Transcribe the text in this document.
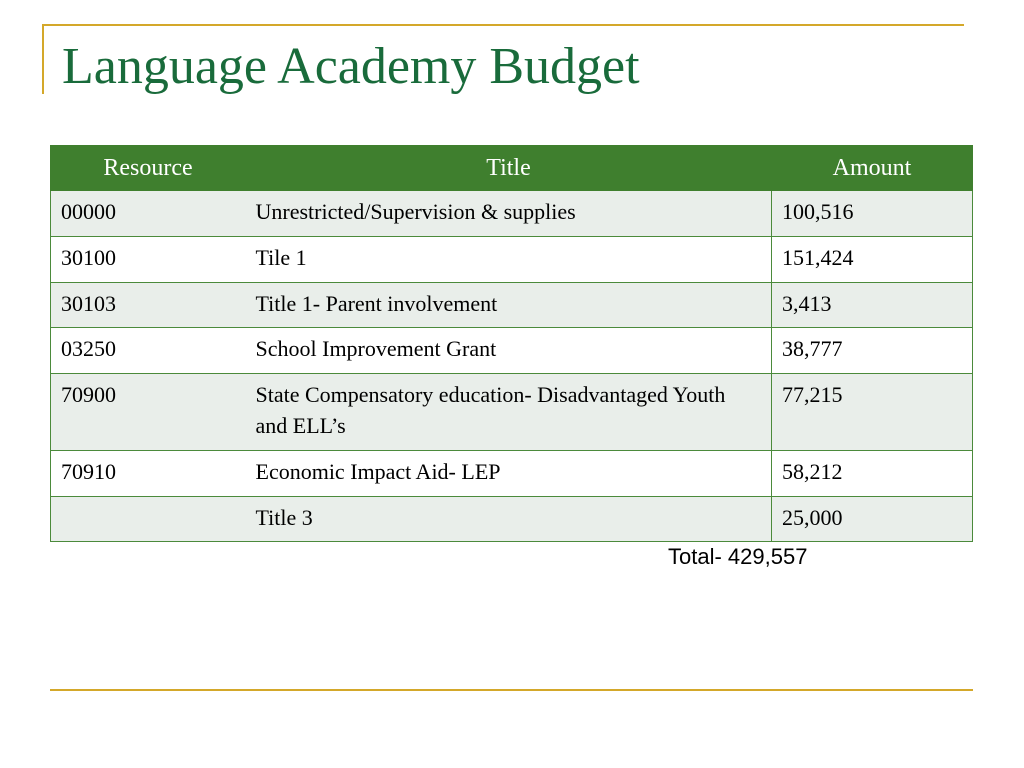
Language Academy Budget
Resource	Title	Amount
00000	Unrestricted/Supervision & supplies	100,516
30100	Tile 1	151,424
30103	Title 1- Parent involvement	3,413
03250	School Improvement Grant	38,777
70900	State Compensatory education- Disadvantaged Youth and ELL’s	77,215
70910	Economic Impact Aid- LEP	58,212
	Title 3	25,000
Total- 429,557
